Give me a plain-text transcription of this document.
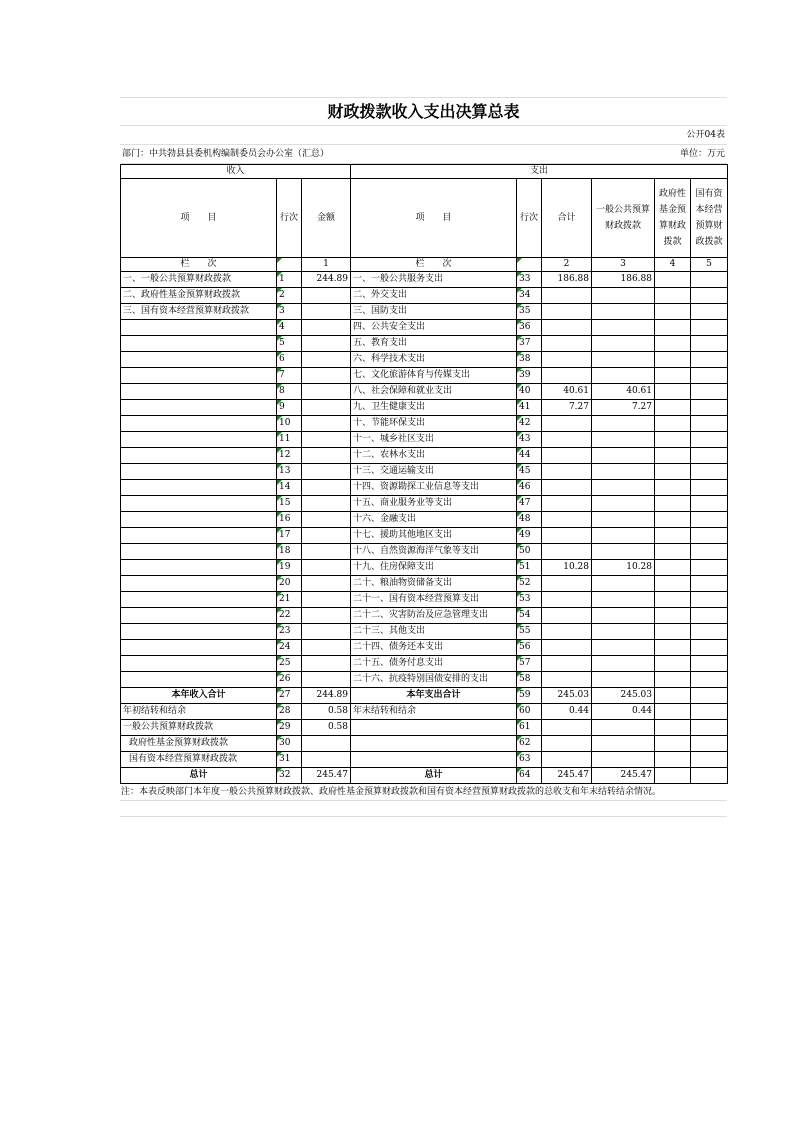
财政拨款收入支出决算总表
公开04表
部门：中共勃县县委机构编制委员会办公室（汇总）	单位：万元
收入			支出					
项　　目	行次	金额	项　　目	行次	合计	一般公共预算财政拨款	政府性基金预算财政拨款	国有资本经营预算财政拨款
栏　　次		1	栏　　次		2	3	4	5
一、一般公共预算财政拨款	1	244.89	一、一般公共服务支出	33	186.88	186.88		
二、政府性基金预算财政拨款	2		二、外交支出	34				
三、国有资本经营预算财政拨款	3		三、国防支出	35				
	4		四、公共安全支出	36				
	5		五、教育支出	37				
	6		六、科学技术支出	38				
	7		七、文化旅游体育与传媒支出	39				
	8		八、社会保障和就业支出	40	40.61	40.61		
	9		九、卫生健康支出	41	7.27	7.27		
	10		十、节能环保支出	42				
	11		十一、城乡社区支出	43				
	12		十二、农林水支出	44				
	13		十三、交通运输支出	45				
	14		十四、资源勘探工业信息等支出	46				
	15		十五、商业服务业等支出	47				
	16		十六、金融支出	48				
	17		十七、援助其他地区支出	49				
	18		十八、自然资源海洋气象等支出	50				
	19		十九、住房保障支出	51	10.28	10.28		
	20		二十、粮油物资储备支出	52				
	21		二十一、国有资本经营预算支出	53				
	22		二十二、灾害防治及应急管理支出	54				
	23		二十三、其他支出	55				
	24		二十四、债务还本支出	56				
	25		二十五、债务付息支出	57				
	26		二十六、抗疫特别国债安排的支出	58				
本年收入合计	27	244.89	本年支出合计	59	245.03	245.03		
年初结转和结余	28	0.58	年末结转和结余	60	0.44	0.44		
一般公共预算财政拨款	29	0.58		61				
政府性基金预算财政拨款	30			62				
国有资本经营预算财政拨款	31			63				
总计	32	245.47	总计	64	245.47	245.47		
注：本表反映部门本年度一般公共预算财政拨款、政府性基金预算财政拨款和国有资本经营预算财政拨款的总收支和年末结转结余情况。
